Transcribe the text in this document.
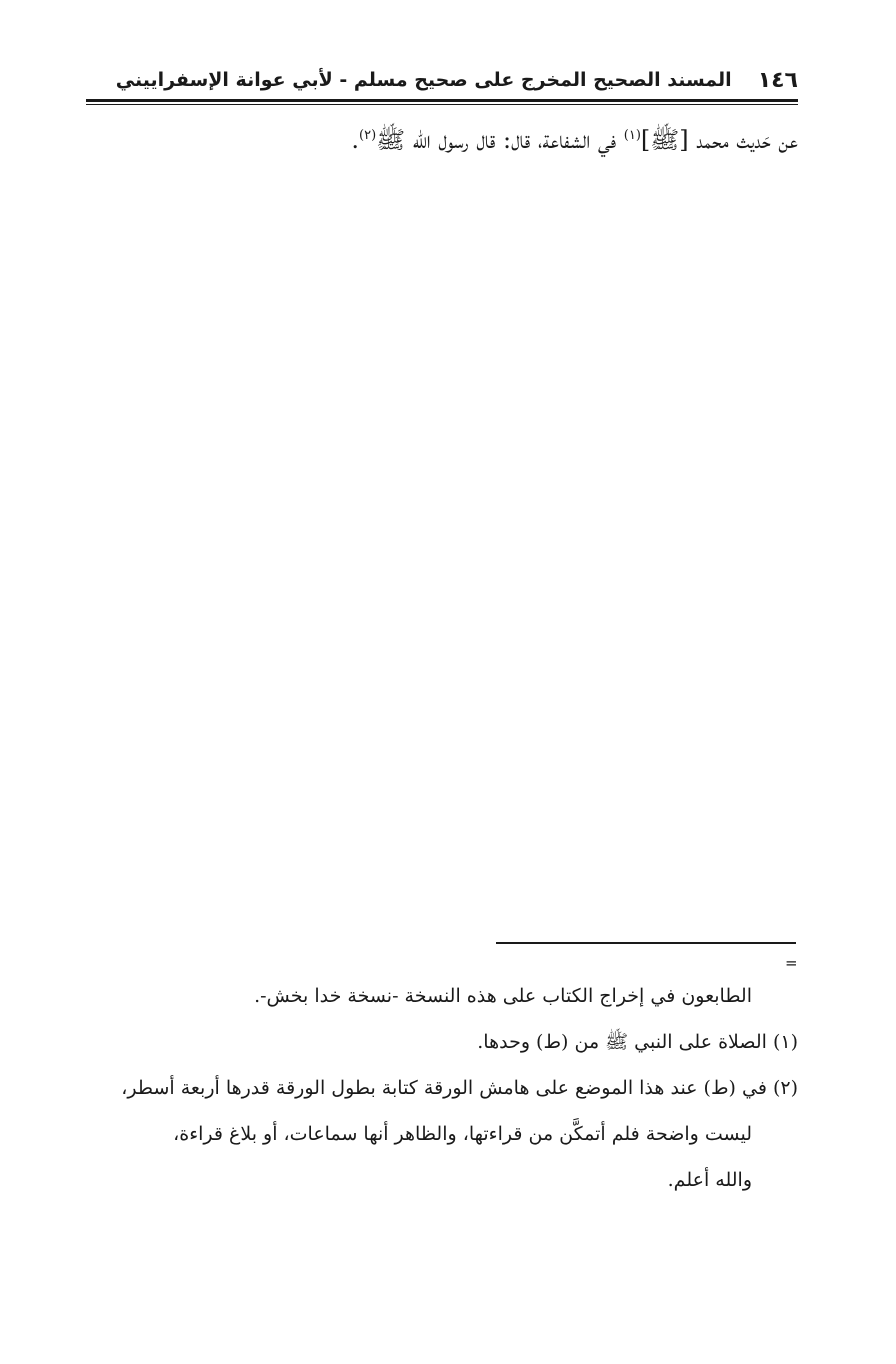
١٤٦
المسند الصحيح المخرج على صحيح مسلم - لأبي عوانة الإسفراييني
عن حَديث محمد [ﷺ]$^{(١)}$ في الشفاعة، قال: قال رسول الله ﷺ$^{(٢)}$.
=
الطابعون في إخراج الكتاب على هذه النسخة -نسخة خدا بخش-.
(١) الصلاة على النبي ﷺ من (ط) وحدها.
(٢) في (ط) عند هذا الموضع على هامش الورقة كتابة بطول الورقة قدرها أربعة أسطر،
ليست واضحة فلم أتمكَّن من قراءتها، والظاهر أنها سماعات، أو بلاغ قراءة،
والله أعلم.
